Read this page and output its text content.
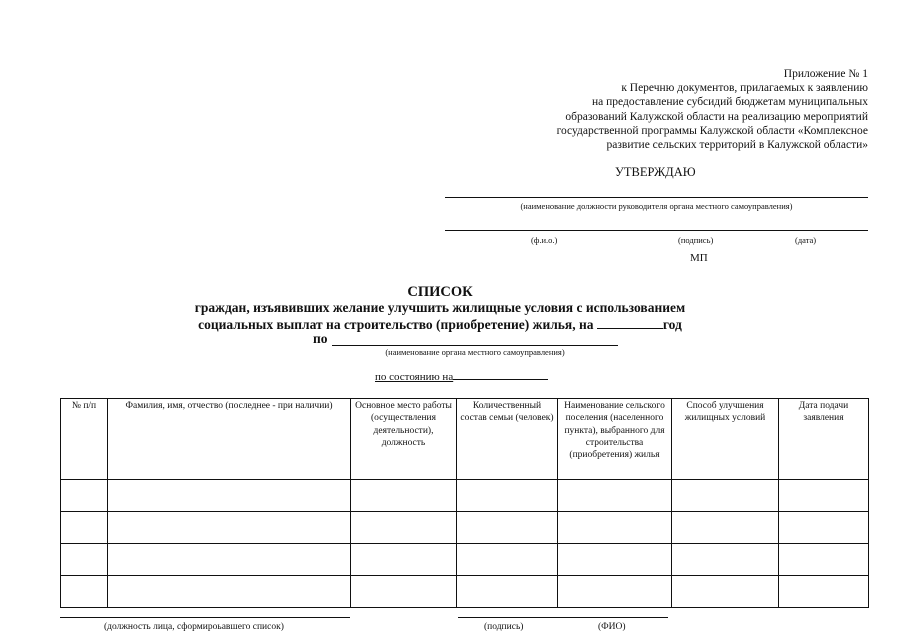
Приложение № 1
к Перечню документов, прилагаемых к заявлению
на предоставление субсидий бюджетам муниципальных
образований Калужской области на реализацию мероприятий
государственной программы Калужской области «Комплексное
развитие сельских территорий в Калужской области»
УТВЕРЖДАЮ
(наименование должности руководителя органа местного самоуправления)
(ф.и.о.)	(подпись)	(дата)
МП
СПИСОК
граждан, изъявивших желание улучшить жилищные условия с использованием
социальных выплат на строительство (приобретение) жилья, на	год
по
(наименование органа местного самоуправления)
по состоянию на
№ п/п	Фамилия, имя, отчество (последнее - при наличии)	Основное место работы (осуществления деятельности), должность	Количественный состав семьи (человек)	Наименование сельского поселения (населенного пункта), выбранного для строительства (приобретения) жилья	Способ улучшения жилищных условий	Дата подачи заявления

(должность лица, сформироьавшего список)	(подпись)	(ФИО)
